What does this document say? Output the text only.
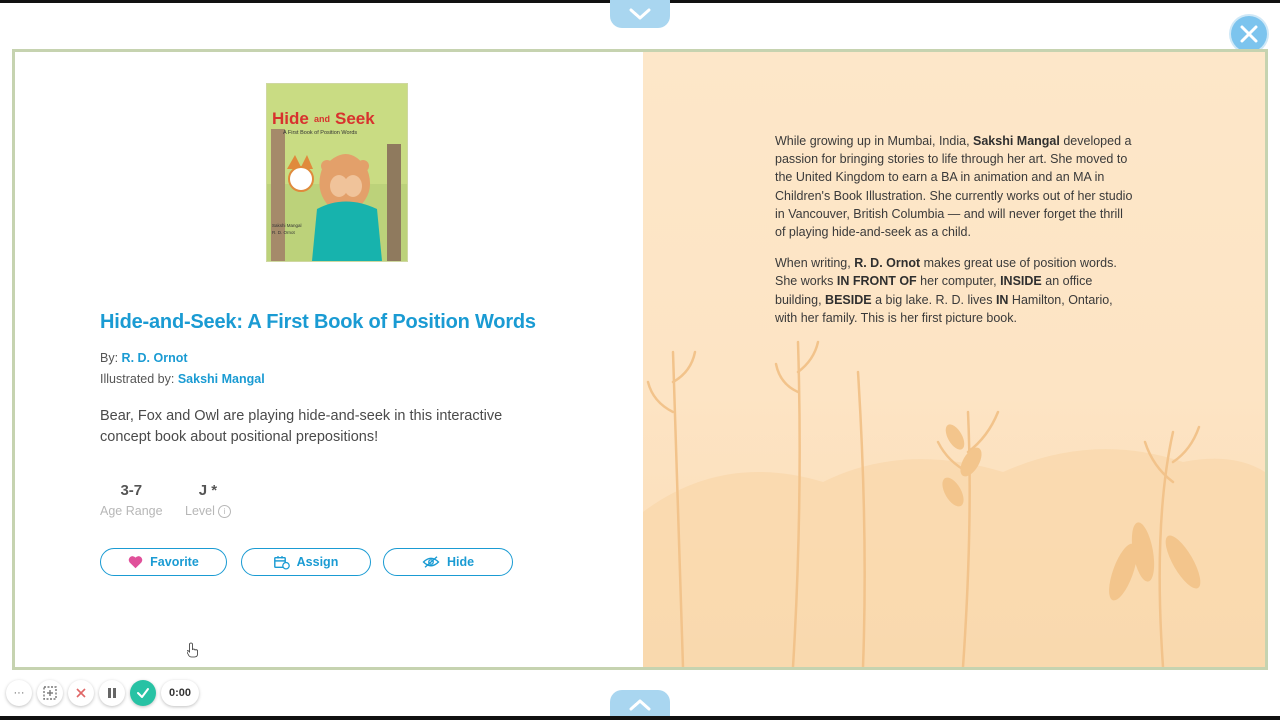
Hide and Seek
A First Book of Position Words
Sakshi Mangal
R. D. Ornot
Hide-and-Seek: A First Book of Position Words
By: R. D. Ornot
Illustrated by: Sakshi Mangal
Bear, Fox and Owl are playing hide-and-seek in this interactive concept book about positional prepositions!
3-7
Age Range
J *
Level	i
Favorite	Assign	Hide

While growing up in Mumbai, India, Sakshi Mangal developed a passion for bringing stories to life through her art. She moved to the United Kingdom to earn a BA in animation and an MA in Children's Book Illustration. She currently works out of her studio in Vancouver, British Columbia — and will never forget the thrill of playing hide-and-seek as a child.

When writing, R. D. Ornot makes great use of position words. She works IN FRONT OF her computer, INSIDE an office building, BESIDE a big lake. R. D. lives IN Hamilton, Ontario, with her family. This is her first picture book.

···	0:00
